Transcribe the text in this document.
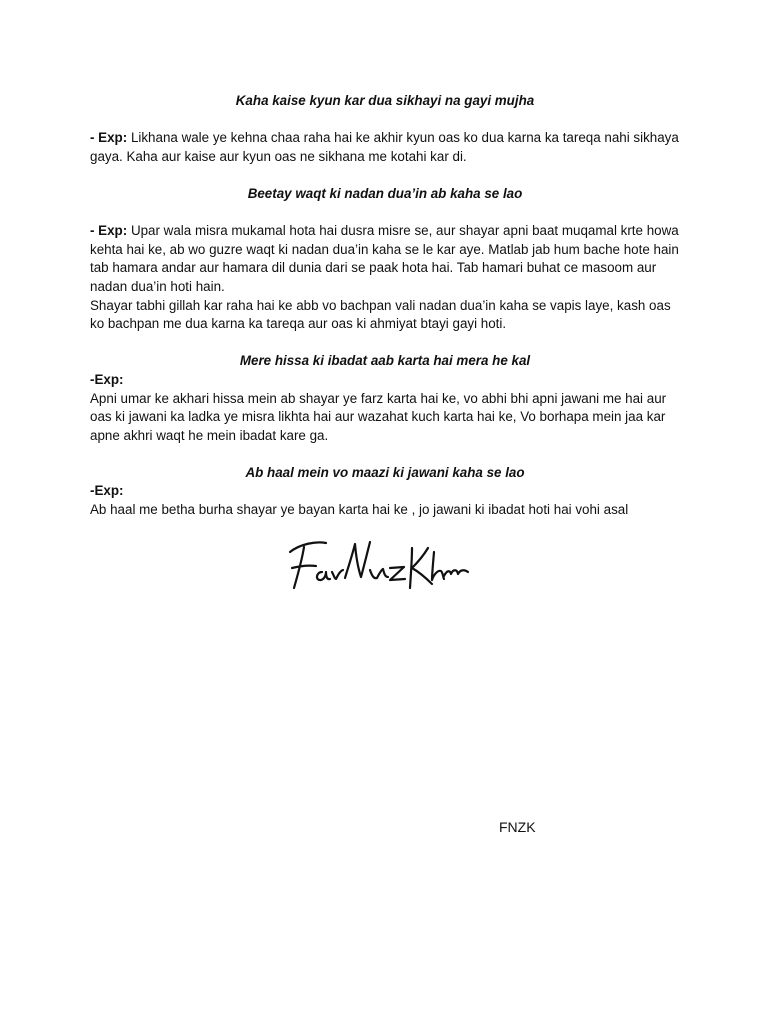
Kaha kaise kyun kar dua sikhayi na gayi mujha

- Exp: Likhana wale ye kehna chaa raha hai ke akhir kyun oas ko dua karna ka tareqa nahi sikhaya gaya. Kaha aur kaise aur kyun oas ne sikhana me kotahi kar di.

Beetay waqt ki nadan dua’in ab kaha se lao

- Exp: Upar wala misra mukamal hota hai dusra misre se, aur shayar apni baat muqamal krte howa kehta hai ke, ab wo guzre waqt ki nadan dua’in kaha se le kar aye. Matlab jab hum bache hote hain tab hamara andar aur hamara dil dunia dari se paak hota hai. Tab hamari buhat ce masoom aur nadan dua’in hoti hain.

Shayar tabhi gillah kar raha hai ke abb vo bachpan vali nadan dua’in kaha se vapis laye, kash oas ko bachpan me dua karna ka tareqa aur oas ki ahmiyat btayi gayi hoti.

Mere hissa ki ibadat aab karta hai mera he kal

-Exp:

Apni umar ke akhari hissa mein ab shayar ye farz karta hai ke, vo abhi bhi apni jawani me hai aur oas ki jawani ka ladka ye misra likhta hai aur wazahat kuch karta hai ke, Vo borhapa mein jaa kar apne akhri waqt he mein ibadat kare ga.

Ab haal mein vo maazi ki jawani kaha se lao

-Exp:

Ab haal me betha burha shayar ye bayan karta hai ke , jo jawani ki ibadat hoti hai vohi asal

FNZK
